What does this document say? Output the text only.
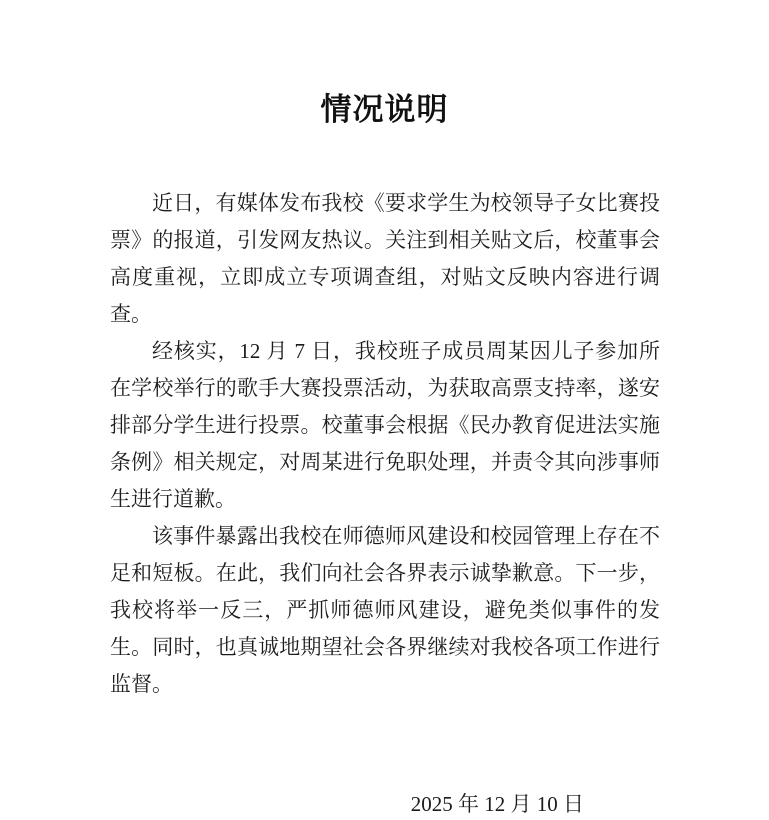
情况说明

近日，有媒体发布我校《要求学生为校领导子女比赛投票》的报道，引发网友热议。关注到相关贴文后，校董事会高度重视，立即成立专项调查组，对贴文反映内容进行调查。

经核实，12 月 7 日，我校班子成员周某因儿子参加所在学校举行的歌手大赛投票活动，为获取高票支持率，遂安排部分学生进行投票。校董事会根据《民办教育促进法实施条例》相关规定，对周某进行免职处理，并责令其向涉事师生进行道歉。

该事件暴露出我校在师德师风建设和校园管理上存在不足和短板。在此，我们向社会各界表示诚挚歉意。下一步，我校将举一反三，严抓师德师风建设，避免类似事件的发生。同时，也真诚地期望社会各界继续对我校各项工作进行监督。

2025 年 12 月 10 日
